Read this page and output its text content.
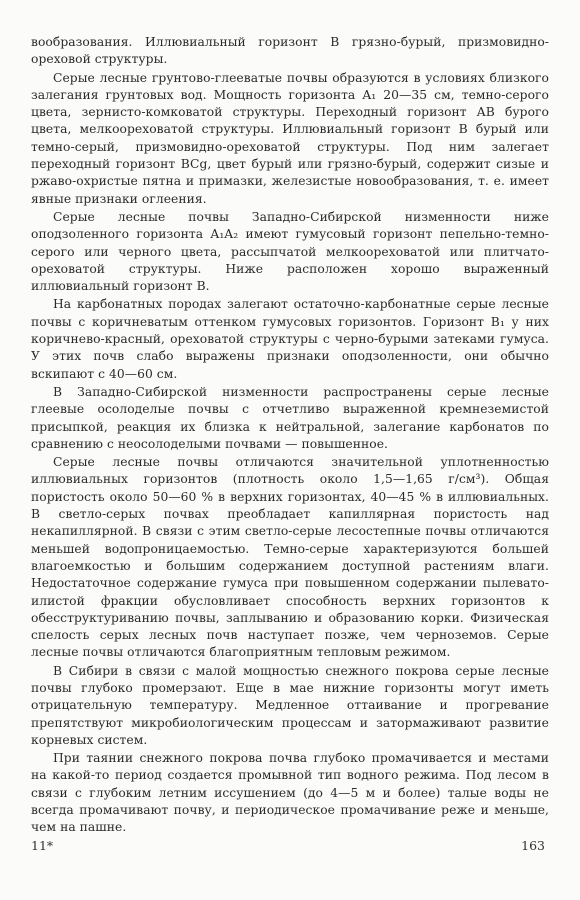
вообразования. Иллювиальный горизонт B грязно-бурый, призмовидно-ореховой структуры.

Серые лесные грунтово-глееватые почвы образуются в условиях близкого залегания грунтовых вод. Мощность горизонта A₁ 20—35 см, темно-серого цвета, зернисто-комковатой структуры. Переходный горизонт AB бурого цвета, мелкоореховатой структуры. Иллювиальный горизонт B бурый или темно-серый, призмовидно-ореховатой структуры. Под ним залегает переходный горизонт BCg, цвет бурый или грязно-бурый, содержит сизые и ржаво-охристые пятна и примазки, железистые новообразования, т. е. имеет явные признаки оглеения.

Серые лесные почвы Западно-Сибирской низменности ниже оподзоленного горизонта A₁A₂ имеют гумусовый горизонт пепельно-темно-серого или черного цвета, рассыпчатой мелкоореховатой или плитчато-ореховатой структуры. Ниже расположен хорошо выраженный иллювиальный горизонт B.

На карбонатных породах залегают остаточно-карбонатные серые лесные почвы с коричневатым оттенком гумусовых горизонтов. Горизонт B₁ у них коричнево-красный, ореховатой структуры с черно-бурыми затеками гумуса. У этих почв слабо выражены признаки оподзоленности, они обычно вскипают с 40—60 см.

В Западно-Сибирской низменности распространены серые лесные глеевые осолоделые почвы с отчетливо выраженной кремнеземистой присыпкой, реакция их близка к нейтральной, залегание карбонатов по сравнению с неосолоделыми почвами — повышенное.

Серые лесные почвы отличаются значительной уплотненностью иллювиальных горизонтов (плотность около 1,5—1,65 г/см³). Общая пористость около 50—60 % в верхних горизонтах, 40—45 % в иллювиальных. В светло-серых почвах преобладает капиллярная пористость над некапиллярной. В связи с этим светло-серые лесостепные почвы отличаются меньшей водопроницаемостью. Темно-серые характеризуются большей влагоемкостью и большим содержанием доступной растениям влаги. Недостаточное содержание гумуса при повышенном содержании пылевато-илистой фракции обусловливает способность верхних горизонтов к обесструктуриванию почвы, заплыванию и образованию корки. Физическая спелость серых лесных почв наступает позже, чем черноземов. Серые лесные почвы отличаются благоприятным тепловым режимом.

В Сибири в связи с малой мощностью снежного покрова серые лесные почвы глубоко промерзают. Еще в мае нижние горизонты могут иметь отрицательную температуру. Медленное оттаивание и прогревание препятствуют микробиологическим процессам и затормаживают развитие корневых систем.

При таянии снежного покрова почва глубоко промачивается и местами на какой-то период создается промывной тип водного режима. Под лесом в связи с глубоким летним иссушением (до 4—5 м и более) талые воды не всегда промачивают почву, и периодическое промачивание реже и меньше, чем на пашне.

11*	163
